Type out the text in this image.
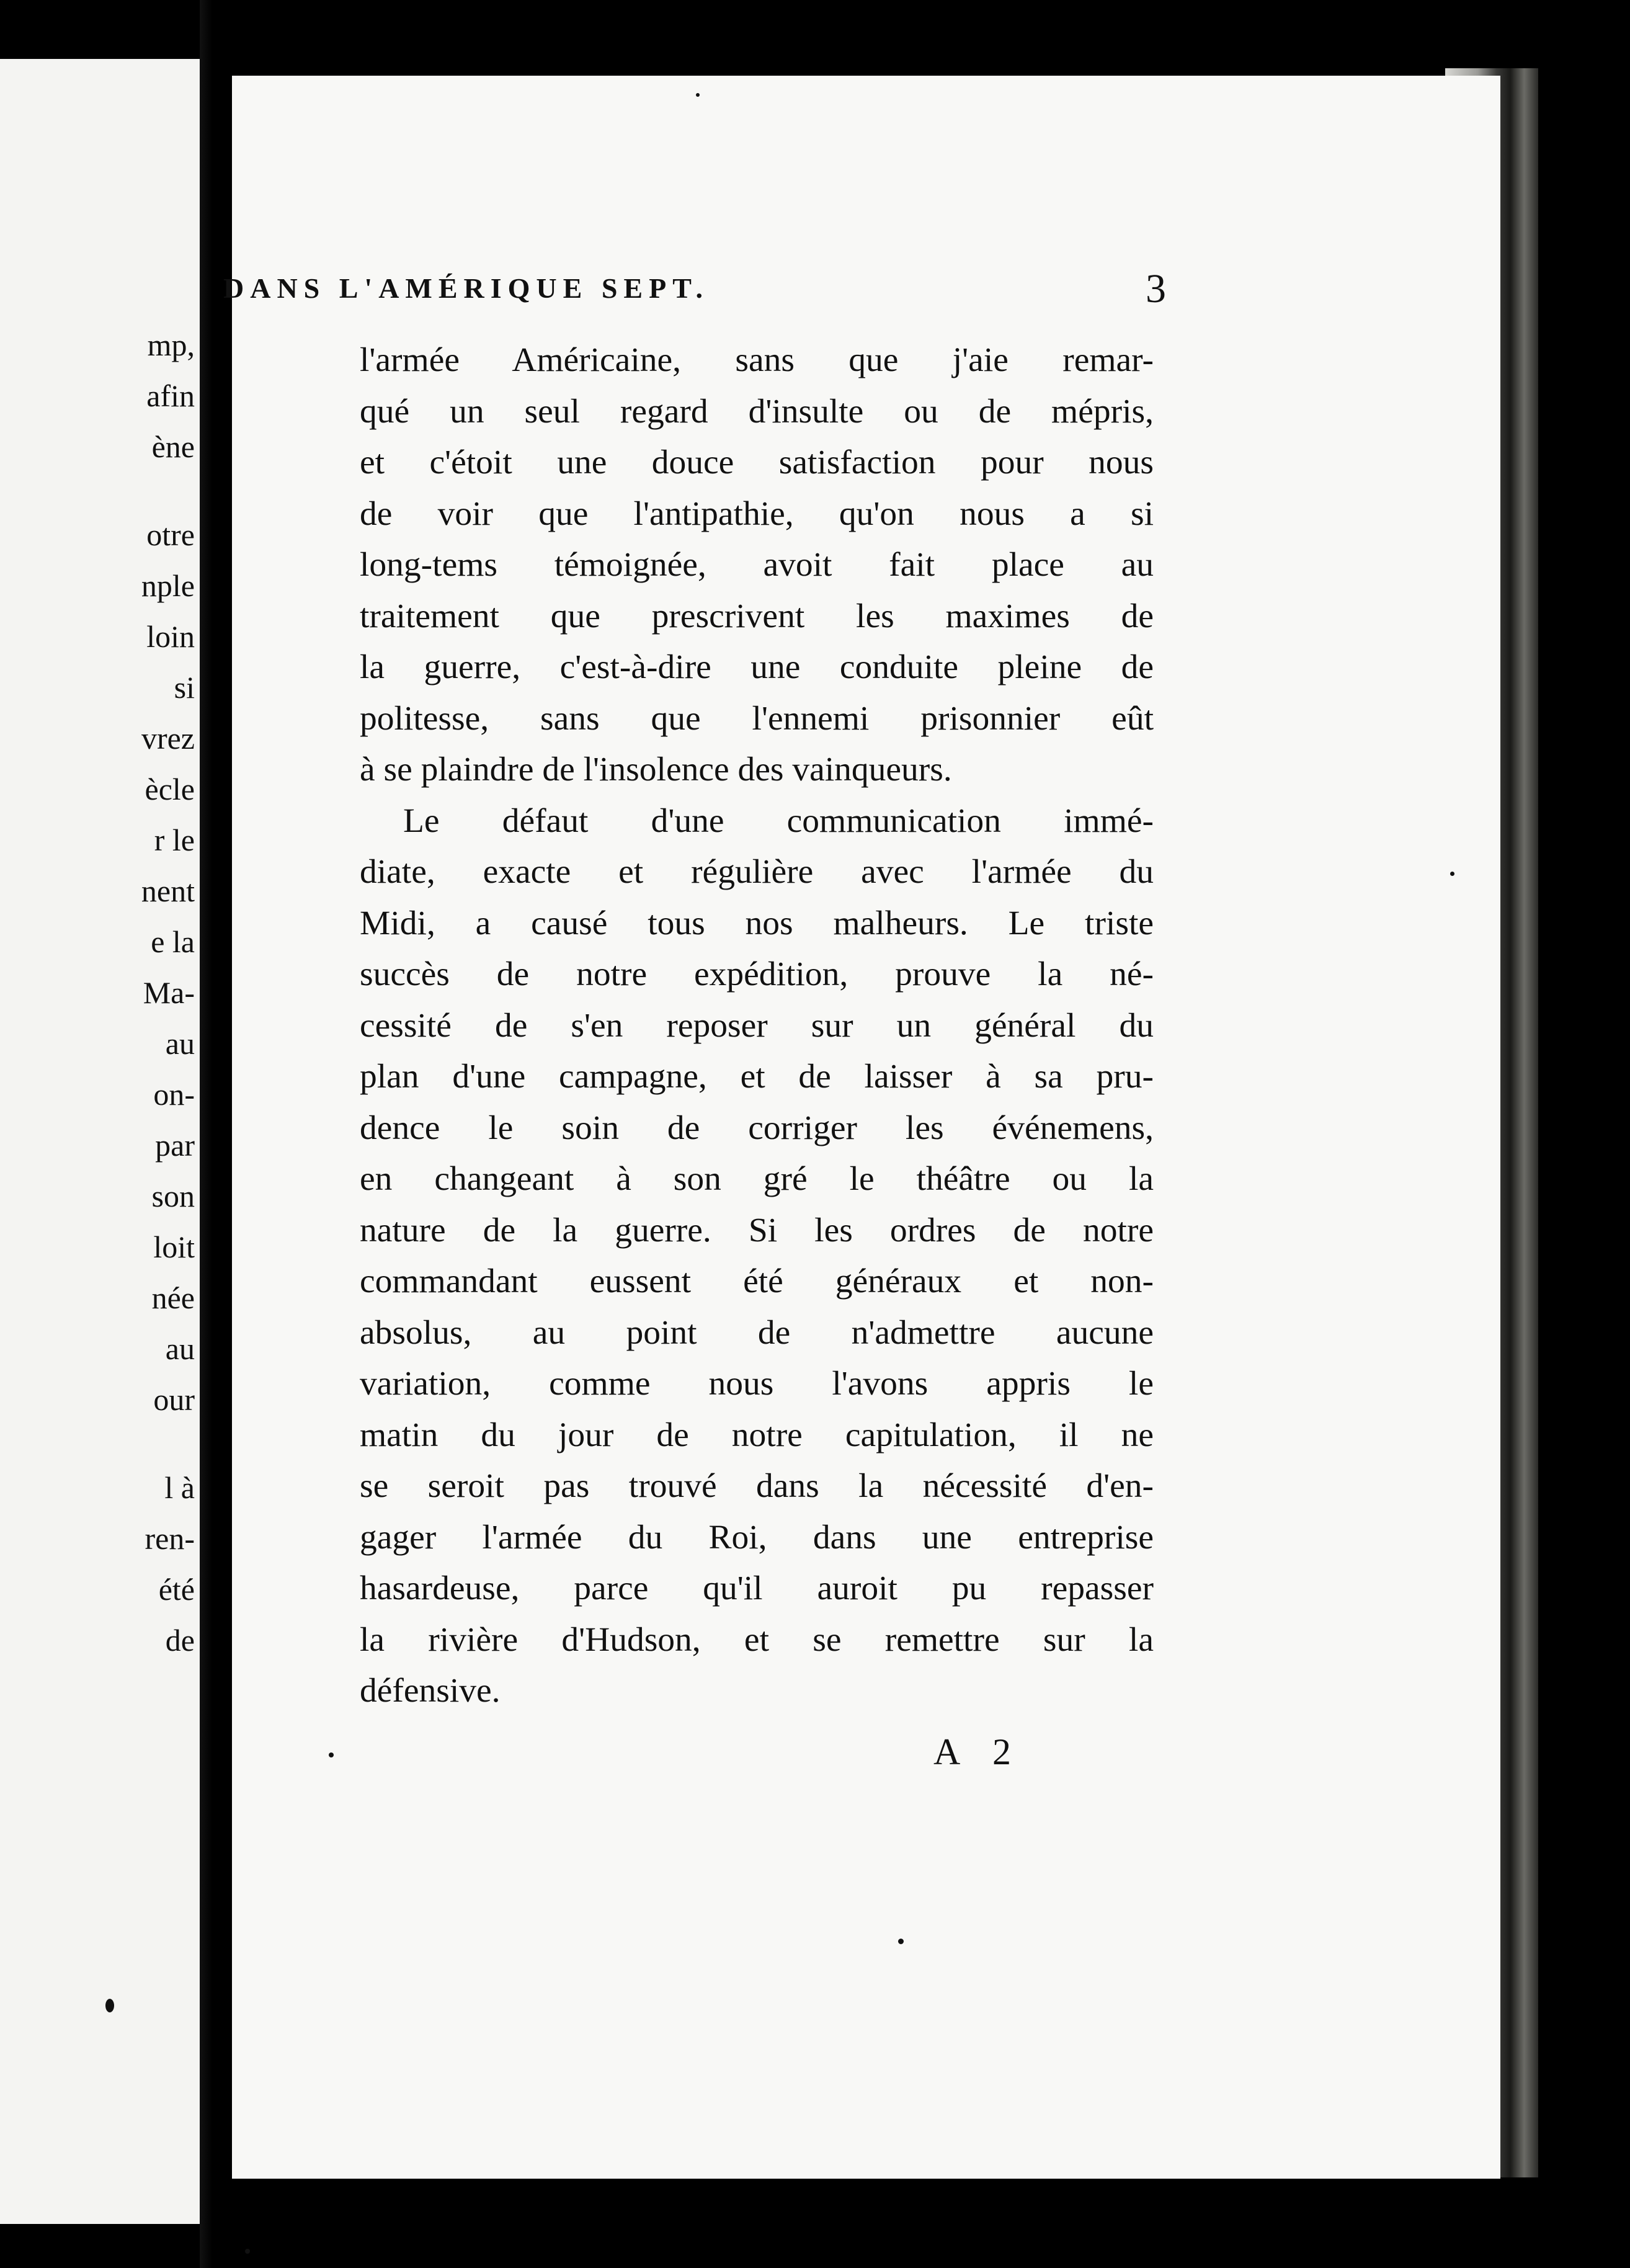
mp,
afin
ène
otre
nple
loin
si
vrez
ècle
r le
nent
e la
Ma-
au
on-
par
son
loit
née
au
our
l à
ren-
été
de
DANS L'AMÉRIQUE SEPT.	3
l'armée Américaine, sans que j'aie remar-
qué un seul regard d'insulte ou de mépris,
et c'étoit une douce satisfaction pour nous
de voir que l'antipathie, qu'on nous a si
long-tems témoignée, avoit fait place au
traitement que prescrivent les maximes de
la guerre, c'est-à-dire une conduite pleine de
politesse, sans que l'ennemi prisonnier eût
à se plaindre de l'insolence des vainqueurs.
Le défaut d'une communication immé-
diate, exacte et régulière avec l'armée du
Midi, a causé tous nos malheurs. Le triste
succès de notre expédition, prouve la né-
cessité de s'en reposer sur un général du
plan d'une campagne, et de laisser à sa pru-
dence le soin de corriger les événemens,
en changeant à son gré le théâtre ou la
nature de la guerre. Si les ordres de notre
commandant eussent été généraux et non-
absolus, au point de n'admettre aucune
variation, comme nous l'avons appris le
matin du jour de notre capitulation, il ne
se seroit pas trouvé dans la nécessité d'en-
gager l'armée du Roi, dans une entreprise
hasardeuse, parce qu'il auroit pu repasser
la rivière d'Hudson, et se remettre sur la
défensive.
A 2
